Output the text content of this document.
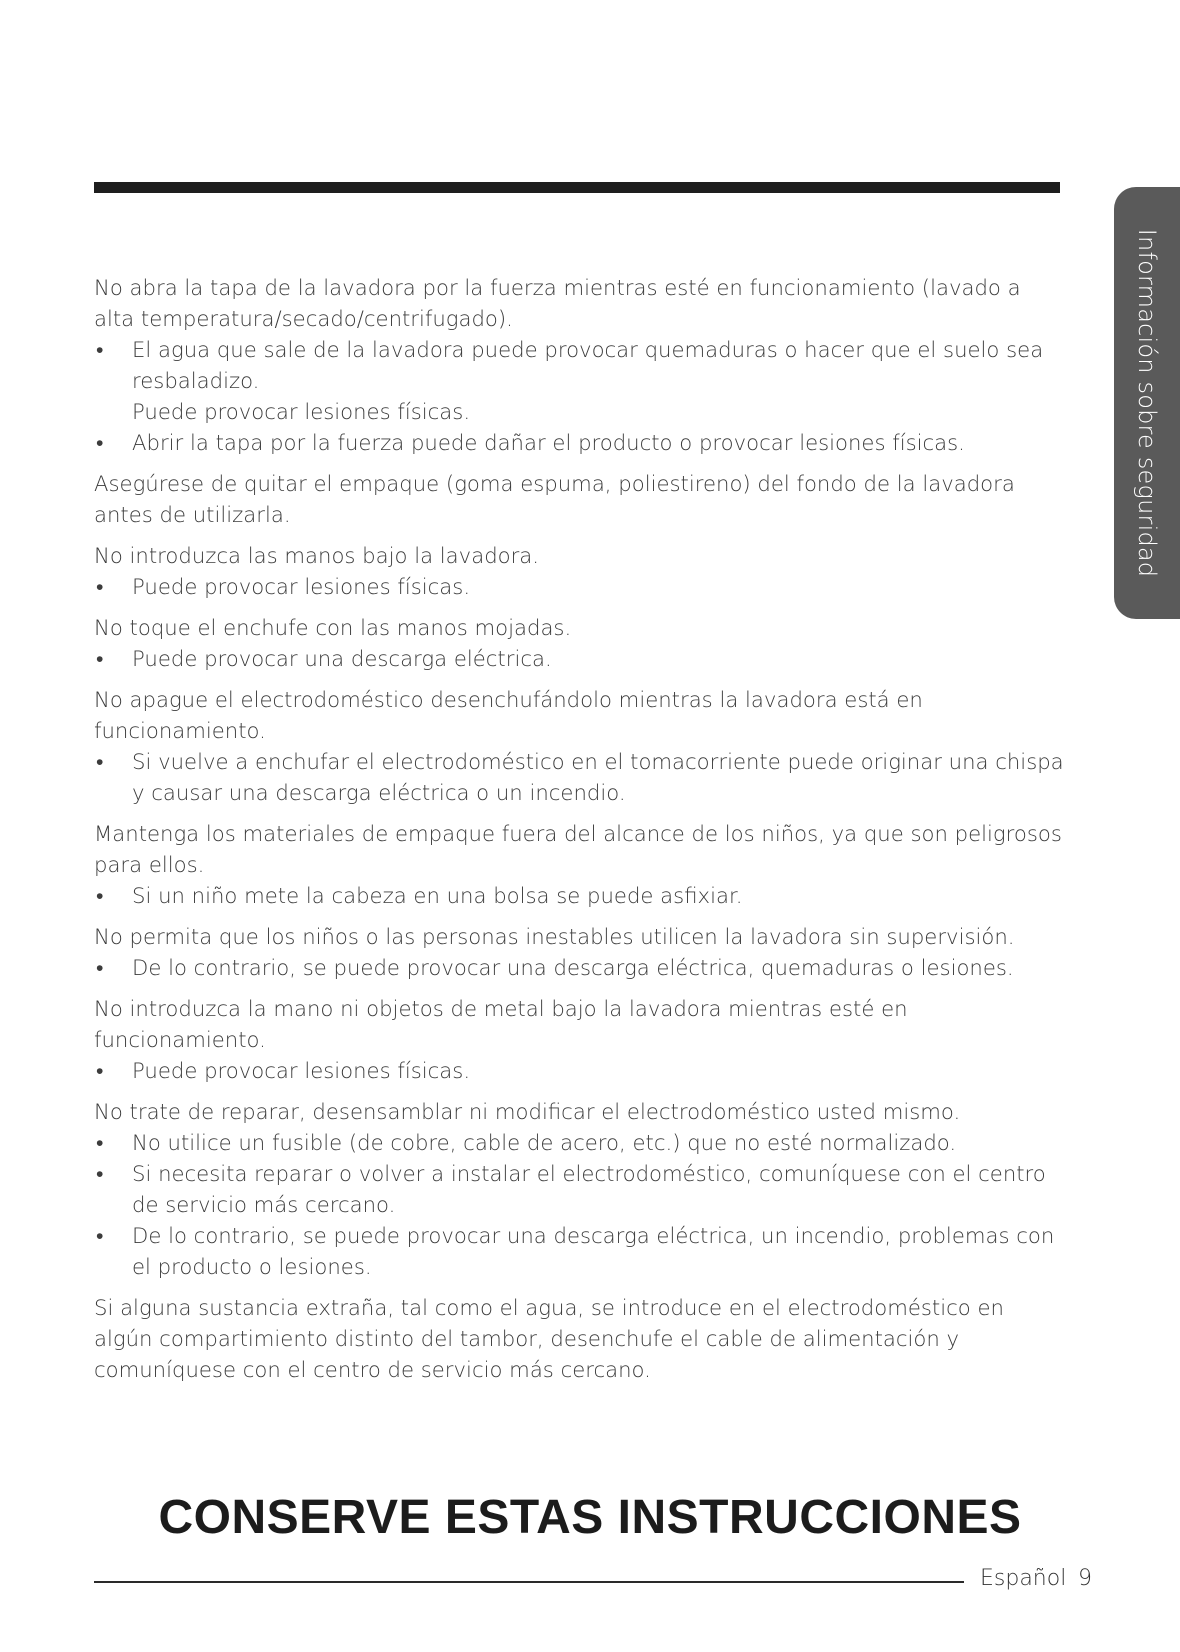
Información sobre seguridad

No abra la tapa de la lavadora por la fuerza mientras esté en funcionamiento (lavado a alta temperatura/secado/centrifugado).

• El agua que sale de la lavadora puede provocar quemaduras o hacer que el suelo sea resbaladizo.
Puede provocar lesiones físicas.
• Abrir la tapa por la fuerza puede dañar el producto o provocar lesiones físicas.

Asegúrese de quitar el empaque (goma espuma, poliestireno) del fondo de la lavadora antes de utilizarla.

No introduzca las manos bajo la lavadora.

• Puede provocar lesiones físicas.

No toque el enchufe con las manos mojadas.

• Puede provocar una descarga eléctrica.

No apague el electrodoméstico desenchufándolo mientras la lavadora está en funcionamiento.

• Si vuelve a enchufar el electrodoméstico en el tomacorriente puede originar una chispa y causar una descarga eléctrica o un incendio.

Mantenga los materiales de empaque fuera del alcance de los niños, ya que son peligrosos para ellos.

• Si un niño mete la cabeza en una bolsa se puede asfixiar.

No permita que los niños o las personas inestables utilicen la lavadora sin supervisión.

• De lo contrario, se puede provocar una descarga eléctrica, quemaduras o lesiones.

No introduzca la mano ni objetos de metal bajo la lavadora mientras esté en funcionamiento.

• Puede provocar lesiones físicas.

No trate de reparar, desensamblar ni modificar el electrodoméstico usted mismo.

• No utilice un fusible (de cobre, cable de acero, etc.) que no esté normalizado.
• Si necesita reparar o volver a instalar el electrodoméstico, comuníquese con el centro de servicio más cercano.
• De lo contrario, se puede provocar una descarga eléctrica, un incendio, problemas con el producto o lesiones.

Si alguna sustancia extraña, tal como el agua, se introduce en el electrodoméstico en algún compartimiento distinto del tambor, desenchufe el cable de alimentación y comuníquese con el centro de servicio más cercano.

CONSERVE ESTAS INSTRUCCIONES
Español 9
